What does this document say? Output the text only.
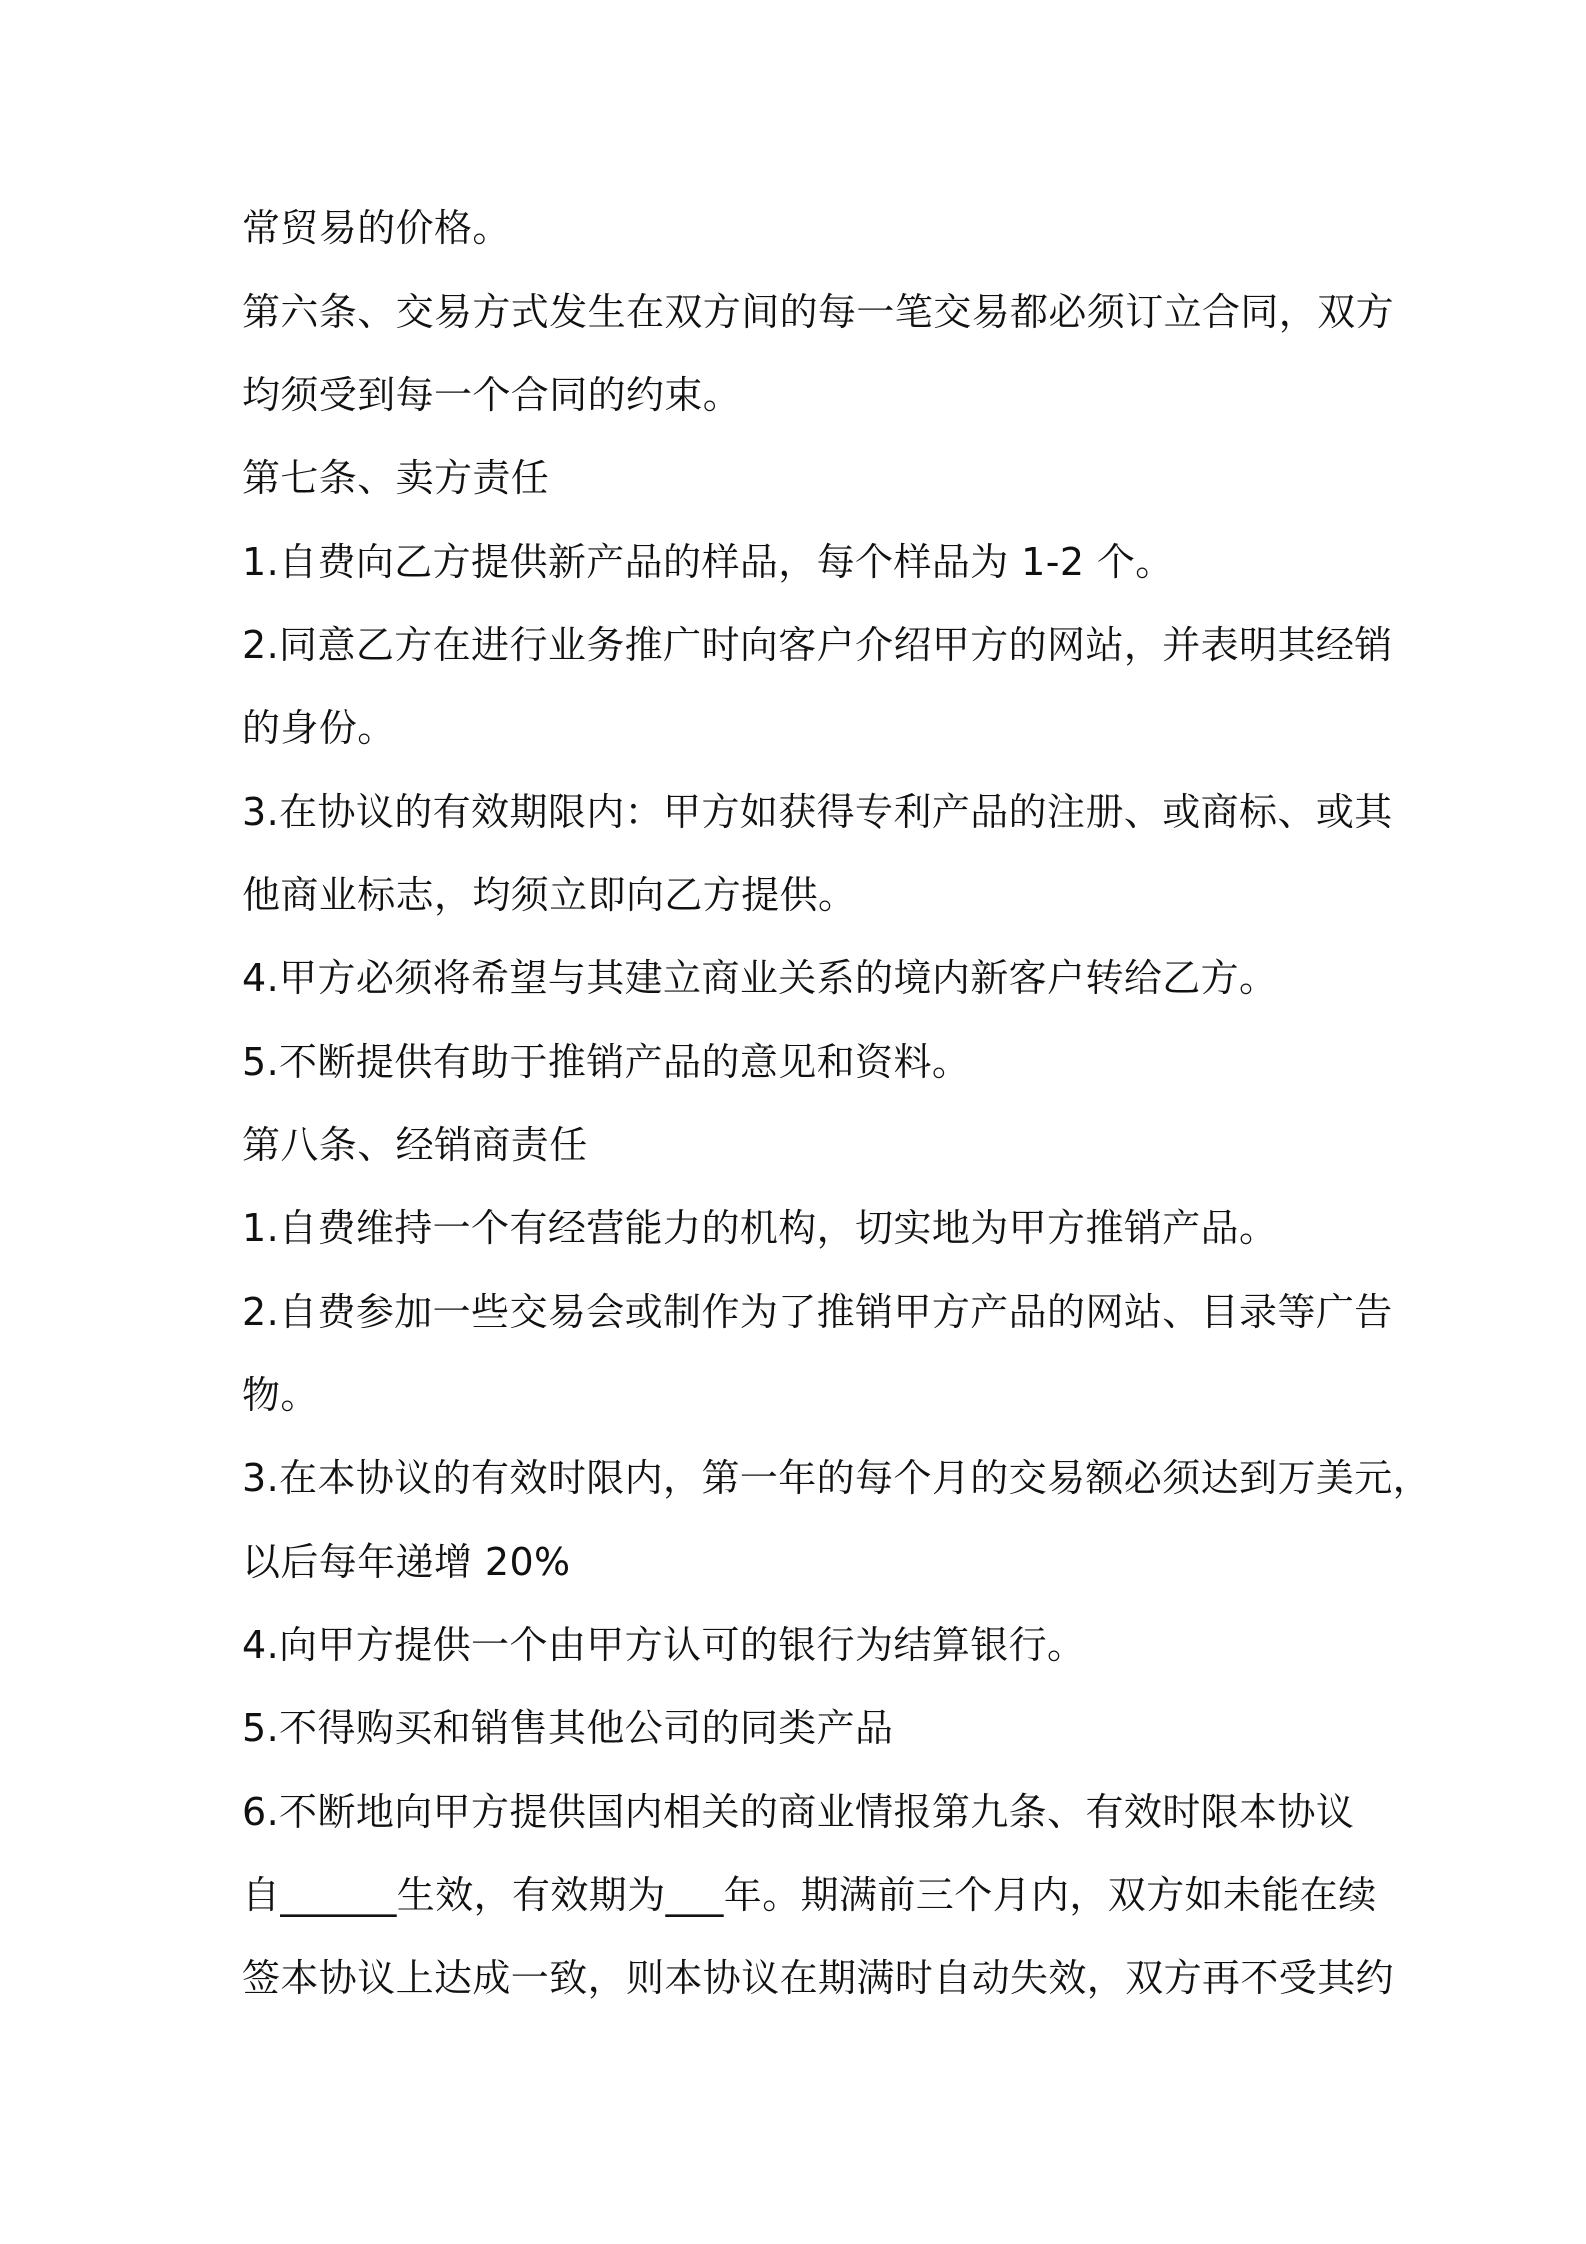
常贸易的价格。

第六条、交易方式发生在双方间的每一笔交易都必须订立合同，双方

均须受到每一个合同的约束。

第七条、卖方责任

1.自费向乙方提供新产品的样品，每个样品为 1-2 个。

2.同意乙方在进行业务推广时向客户介绍甲方的网站，并表明其经销

的身份。

3.在协议的有效期限内：甲方如获得专利产品的注册、或商标、或其

他商业标志，均须立即向乙方提供。

4.甲方必须将希望与其建立商业关系的境内新客户转给乙方。

5.不断提供有助于推销产品的意见和资料。

第八条、经销商责任

1.自费维持一个有经营能力的机构，切实地为甲方推销产品。

2.自费参加一些交易会或制作为了推销甲方产品的网站、目录等广告

物。

3.在本协议的有效时限内，第一年的每个月的交易额必须达到万美元，

以后每年递增 20%

4.向甲方提供一个由甲方认可的银行为结算银行。

5.不得购买和销售其他公司的同类产品

6.不断地向甲方提供国内相关的商业情报第九条、有效时限本协议

自______生效，有效期为___年。期满前三个月内，双方如未能在续

签本协议上达成一致，则本协议在期满时自动失效，双方再不受其约
